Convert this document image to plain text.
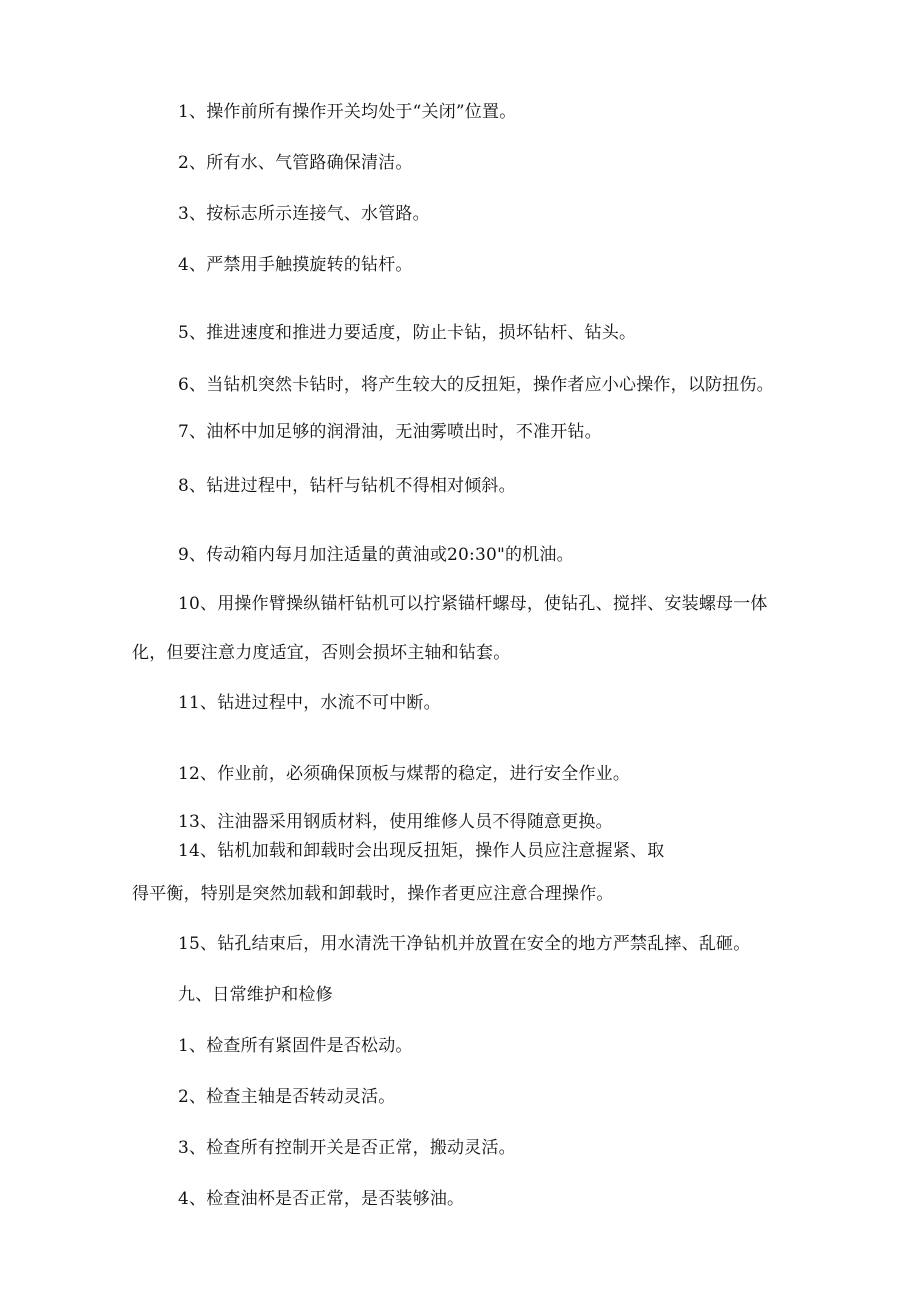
1、操作前所有操作开关均处于“关闭”位置。
2、所有水、气管路确保清洁。
3、按标志所示连接气、水管路。
4、严禁用手触摸旋转的钻杆。
5、推进速度和推进力要适度，防止卡钻，损坏钻杆、钻头。
6、当钻机突然卡钻时，将产生较大的反扭矩，操作者应小心操作，以防扭伤。
7、油杯中加足够的润滑油，无油雾喷出时，不准开钻。
8、钻进过程中，钻杆与钻机不得相对倾斜。
9、传动箱内每月加注适量的黄油或20:30"的机油。
10、用操作臂操纵锚杆钻机可以拧紧锚杆螺母，使钻孔、搅拌、安装螺母一体
化，但要注意力度适宜，否则会损坏主轴和钻套。
11、钻进过程中，水流不可中断。
12、作业前，必须确保顶板与煤帮的稳定，进行安全作业。
13、注油器采用钢质材料，使用维修人员不得随意更换。
14、钻机加载和卸载时会出现反扭矩，操作人员应注意握紧、取
得平衡，特别是突然加载和卸载时，操作者更应注意合理操作。
15、钻孔结束后，用水清洗干净钻机并放置在安全的地方严禁乱摔、乱砸。
九、日常维护和检修
1、检查所有紧固件是否松动。
2、检查主轴是否转动灵活。
3、检查所有控制开关是否正常，搬动灵活。
4、检查油杯是否正常，是否装够油。
